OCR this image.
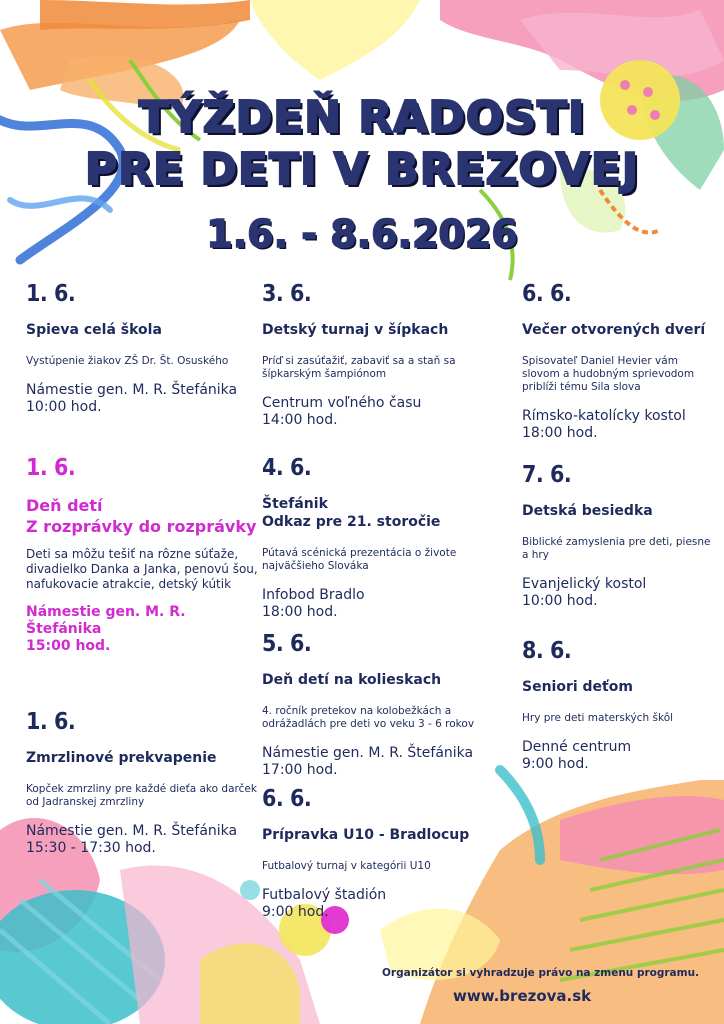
TÝŽDEŇ RADOSTI
PRE DETI V BREZOVEJ
1.6. - 8.6.2026
1. 6.
Spieva celá škola
Vystúpenie žiakov ZŠ Dr. Št. Osuského
Námestie gen. M. R. Štefánika
10:00 hod.
1. 6.
Deň detí
Z rozprávky do rozprávky
Deti sa môžu tešiť na rôzne súťaže, divadielko Danka a Janka, penovú šou, nafukovacie atrakcie, detský kútik
Námestie gen. M. R. Štefánika
15:00 hod.
1. 6.
Zmrzlinové prekvapenie
Kopček zmrzliny pre každé dieťa ako darček od Jadranskej zmrzliny
Námestie gen. M. R. Štefánika
15:30 - 17:30 hod.
3. 6.
Detský turnaj v šípkach
Príď si zasúťažiť, zabaviť sa a staň sa šípkarským šampiónom
Centrum voľného času
14:00 hod.
4. 6.
Štefánik
Odkaz pre 21. storočie
Pútavá scénická prezentácia o živote najväčšieho Slováka
Infobod Bradlo
18:00 hod.
5. 6.
Deň detí na kolieskach
4. ročník pretekov na kolobežkách a odrážadlách pre deti vo veku 3 - 6 rokov
Námestie gen. M. R. Štefánika
17:00 hod.
6. 6.
Prípravka U10 - Bradlocup
Futbalový turnaj v kategórii U10
Futbalový štadión
9:00 hod.
6. 6.
Večer otvorených dverí
Spisovateľ Daniel Hevier vám slovom a hudobným sprievodom priblíži tému Sila slova
Rímsko-katolícky kostol
18:00 hod.
7. 6.
Detská besiedka
Biblické zamyslenia pre deti, piesne a hry
Evanjelický kostol
10:00 hod.
8. 6.
Seniori deťom
Hry pre deti materských škôl
Denné centrum
9:00 hod.
Organizátor si vyhradzuje právo na zmenu programu.
www.brezova.sk
